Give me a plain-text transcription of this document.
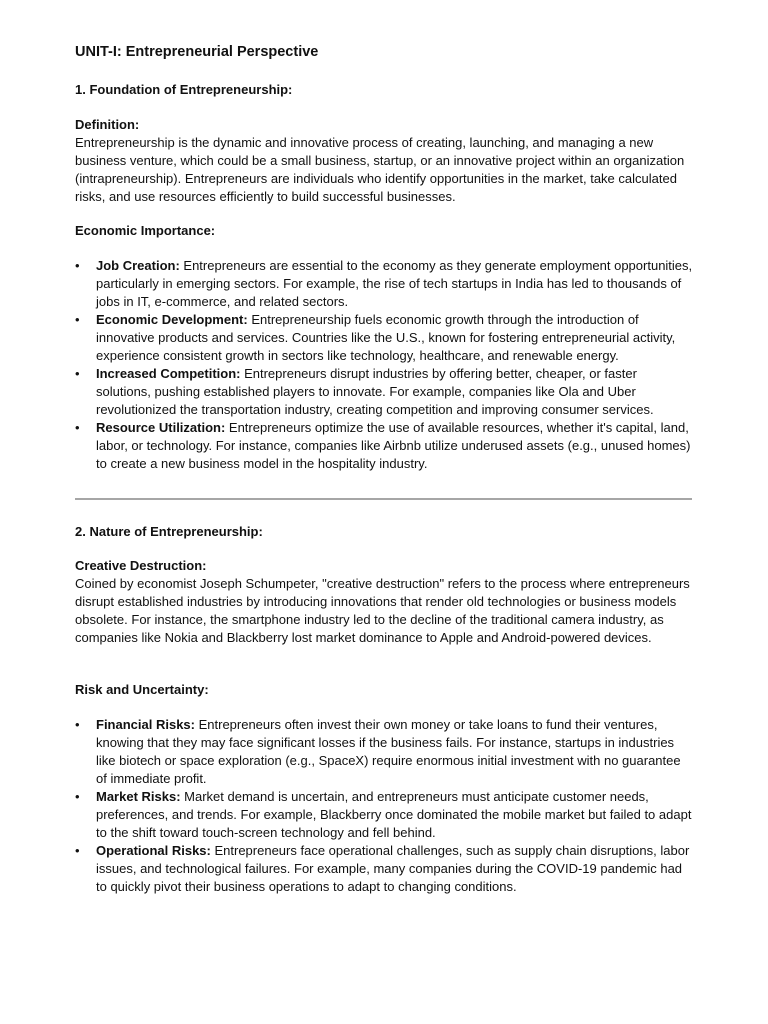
UNIT-I: Entrepreneurial Perspective

1. Foundation of Entrepreneurship:

Definition:

Entrepreneurship is the dynamic and innovative process of creating, launching, and managing a new business venture, which could be a small business, startup, or an innovative project within an organization (intrapreneurship). Entrepreneurs are individuals who identify opportunities in the market, take calculated risks, and use resources efficiently to build successful businesses.

Economic Importance:

• Job Creation: Entrepreneurs are essential to the economy as they generate employment opportunities, particularly in emerging sectors. For example, the rise of tech startups in India has led to thousands of jobs in IT, e-commerce, and related sectors.
• Economic Development: Entrepreneurship fuels economic growth through the introduction of innovative products and services. Countries like the U.S., known for fostering entrepreneurial activity, experience consistent growth in sectors like technology, healthcare, and renewable energy.
• Increased Competition: Entrepreneurs disrupt industries by offering better, cheaper, or faster solutions, pushing established players to innovate. For example, companies like Ola and Uber revolutionized the transportation industry, creating competition and improving consumer services.
• Resource Utilization: Entrepreneurs optimize the use of available resources, whether it's capital, land, labor, or technology. For instance, companies like Airbnb utilize underused assets (e.g., unused homes) to create a new business model in the hospitality industry.

2. Nature of Entrepreneurship:

Creative Destruction:

Coined by economist Joseph Schumpeter, "creative destruction" refers to the process where entrepreneurs disrupt established industries by introducing innovations that render old technologies or business models obsolete. For instance, the smartphone industry led to the decline of the traditional camera industry, as companies like Nokia and Blackberry lost market dominance to Apple and Android-powered devices.

Risk and Uncertainty:

• Financial Risks: Entrepreneurs often invest their own money or take loans to fund their ventures, knowing that they may face significant losses if the business fails. For instance, startups in industries like biotech or space exploration (e.g., SpaceX) require enormous initial investment with no guarantee of immediate profit.
• Market Risks: Market demand is uncertain, and entrepreneurs must anticipate customer needs, preferences, and trends. For example, Blackberry once dominated the mobile market but failed to adapt to the shift toward touch-screen technology and fell behind.
• Operational Risks: Entrepreneurs face operational challenges, such as supply chain disruptions, labor issues, and technological failures. For example, many companies during the COVID-19 pandemic had to quickly pivot their business operations to adapt to changing conditions.
